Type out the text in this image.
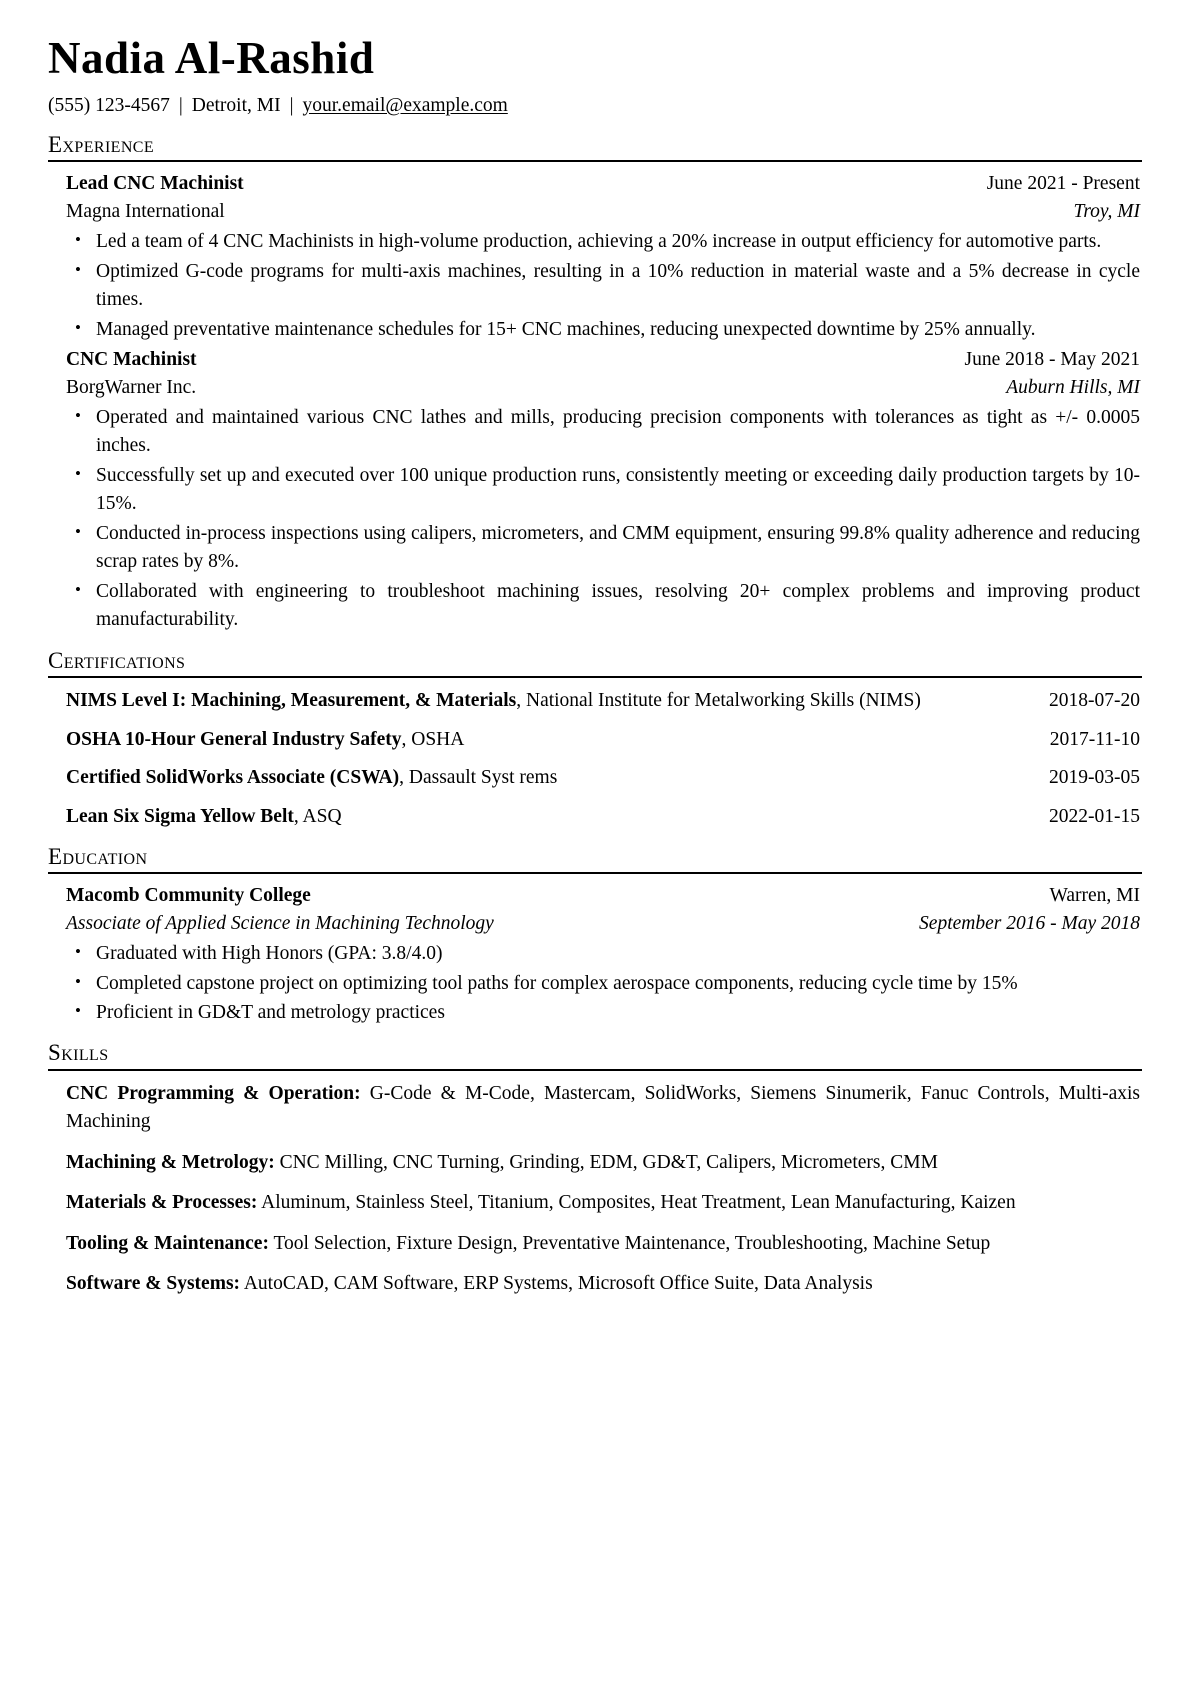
Nadia Al-Rashid
(555) 123-4567 | Detroit, MI | your.email@example.com
Experience
Lead CNC Machinist	June 2021 - Present
Magna International	Troy, MI
• Led a team of 4 CNC Machinists in high-volume production, achieving a 20% increase in output efficiency for automotive parts.
• Optimized G-code programs for multi-axis machines, resulting in a 10% reduction in material waste and a 5% decrease in cycle times.
• Managed preventative maintenance schedules for 15+ CNC machines, reducing unexpected downtime by 25% annually.
CNC Machinist	June 2018 - May 2021
BorgWarner Inc.	Auburn Hills, MI
• Operated and maintained various CNC lathes and mills, producing precision components with tolerances as tight as +/- 0.0005 inches.
• Successfully set up and executed over 100 unique production runs, consistently meeting or exceeding daily production targets by 10-15%.
• Conducted in-process inspections using calipers, micrometers, and CMM equipment, ensuring 99.8% quality adherence and reducing scrap rates by 8%.
• Collaborated with engineering to troubleshoot machining issues, resolving 20+ complex problems and improving product manufacturability.
Certifications
NIMS Level I: Machining, Measurement, & Materials, National Institute for Metalworking Skills (NIMS)	2018-07-20
OSHA 10-Hour General Industry Safety, OSHA	2017-11-10
Certified SolidWorks Associate (CSWA), Dassault Syst rems	2019-03-05
Lean Six Sigma Yellow Belt, ASQ	2022-01-15
Education
Macomb Community College	Warren, MI
Associate of Applied Science in Machining Technology	September 2016 - May 2018
• Graduated with High Honors (GPA: 3.8/4.0)
• Completed capstone project on optimizing tool paths for complex aerospace components, reducing cycle time by 15%
• Proficient in GD&T and metrology practices
Skills
CNC Programming & Operation: G-Code & M-Code, Mastercam, SolidWorks, Siemens Sinumerik, Fanuc Controls, Multi-axis Machining
Machining & Metrology: CNC Milling, CNC Turning, Grinding, EDM, GD&T, Calipers, Micrometers, CMM
Materials & Processes: Aluminum, Stainless Steel, Titanium, Composites, Heat Treatment, Lean Manufacturing, Kaizen
Tooling & Maintenance: Tool Selection, Fixture Design, Preventative Maintenance, Troubleshooting, Machine Setup
Software & Systems: AutoCAD, CAM Software, ERP Systems, Microsoft Office Suite, Data Analysis
